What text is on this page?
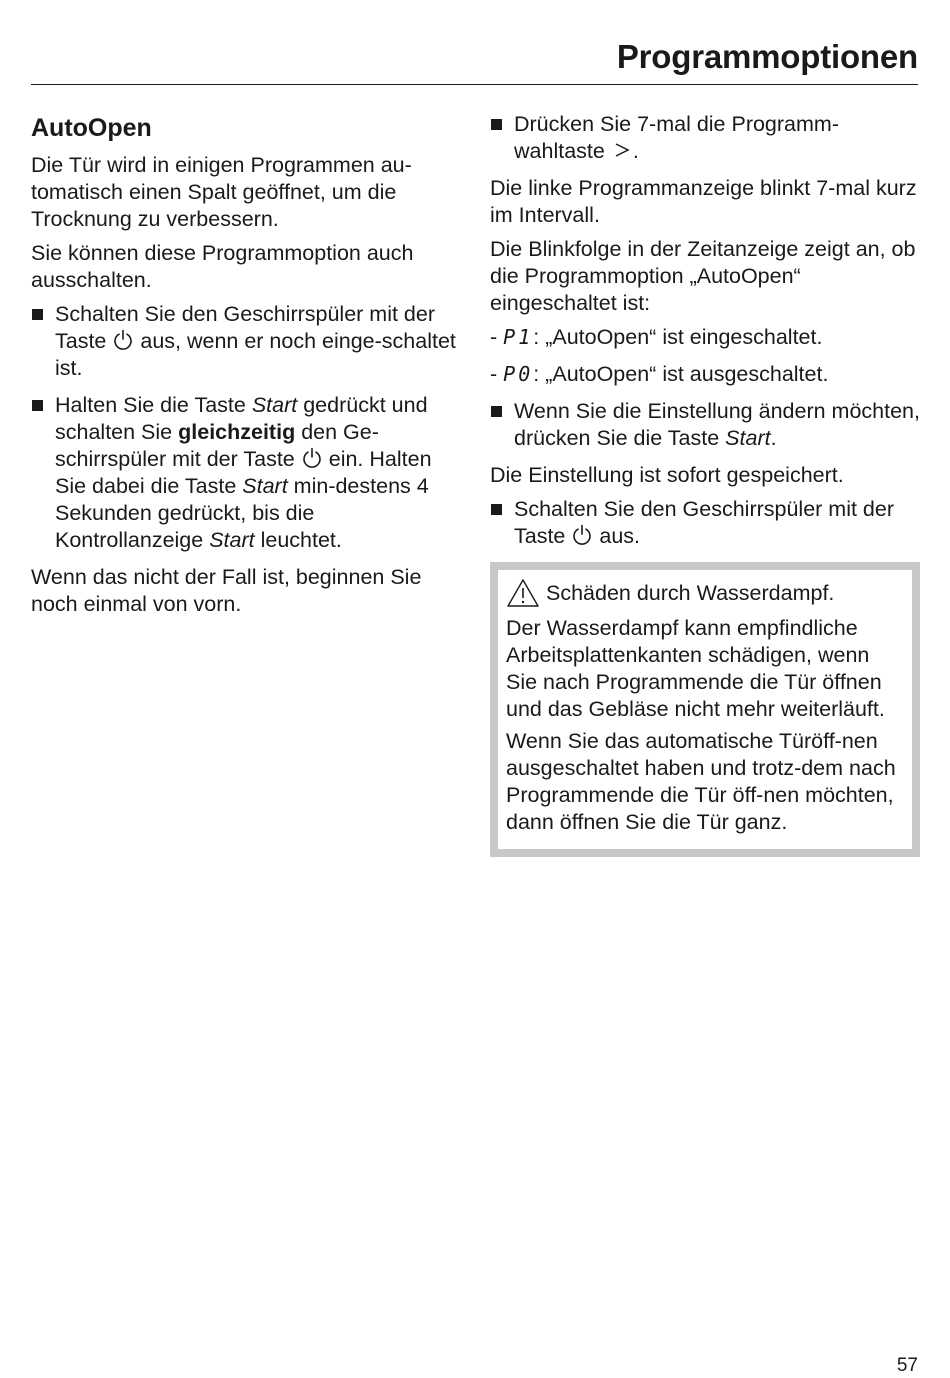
Programmoptionen
AutoOpen

Die Tür wird in einigen Programmen au-tomatisch einen Spalt geöffnet, um die Trocknung zu verbessern.

Sie können diese Programmoption auch ausschalten.

Schalten Sie den Geschirrspüler mit der Taste aus, wenn er noch einge-schaltet ist.
Halten Sie die Taste Start gedrückt und schalten Sie gleichzeitig den Ge-schirrspüler mit der Taste ein. Halten Sie dabei die Taste Start min-destens 4 Sekunden gedrückt, bis die Kontrollanzeige Start leuchtet.

Wenn das nicht der Fall ist, beginnen Sie noch einmal von vorn.

Drücken Sie 7-mal die Programm-wahltaste .

Die linke Programmanzeige blinkt 7-mal kurz im Intervall.

Die Blinkfolge in der Zeitanzeige zeigt an, ob die Programmoption „AutoOpen“ eingeschaltet ist:

- P1: „AutoOpen“ ist eingeschaltet.
- P0: „AutoOpen“ ist ausgeschaltet.
Wenn Sie die Einstellung ändern möchten, drücken Sie die Taste Start.

Die Einstellung ist sofort gespeichert.

Schalten Sie den Geschirrspüler mit der Taste aus.
Schäden durch Wasserdampf.

Der Wasserdampf kann empfindliche Arbeitsplattenkanten schädigen, wenn Sie nach Programmende die Tür öffnen und das Gebläse nicht mehr weiterläuft.

Wenn Sie das automatische Türöff-nen ausgeschaltet haben und trotz-dem nach Programmende die Tür öff-nen möchten, dann öffnen Sie die Tür ganz.

57
